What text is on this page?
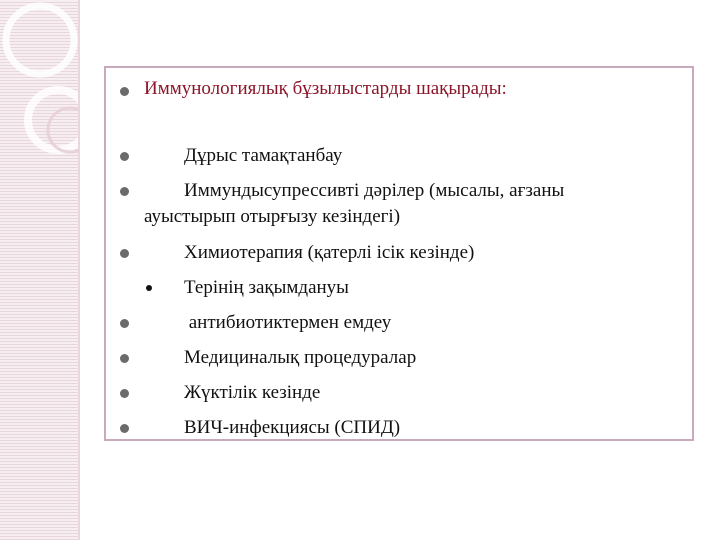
Иммунологиялық бұзылыстарды шақырады:
Дұрыс тамақтанбау
Иммундысупрессивті дәрілер (мысалы, ағзаны
ауыстырып отырғызу кезіндегі)
Химиотерапия (қатерлі ісік кезінде)
Терінің зақымдануы
антибиотиктермен емдеу
Медициналық процедуралар
Жүктілік кезінде
ВИЧ-инфекциясы (СПИД)
